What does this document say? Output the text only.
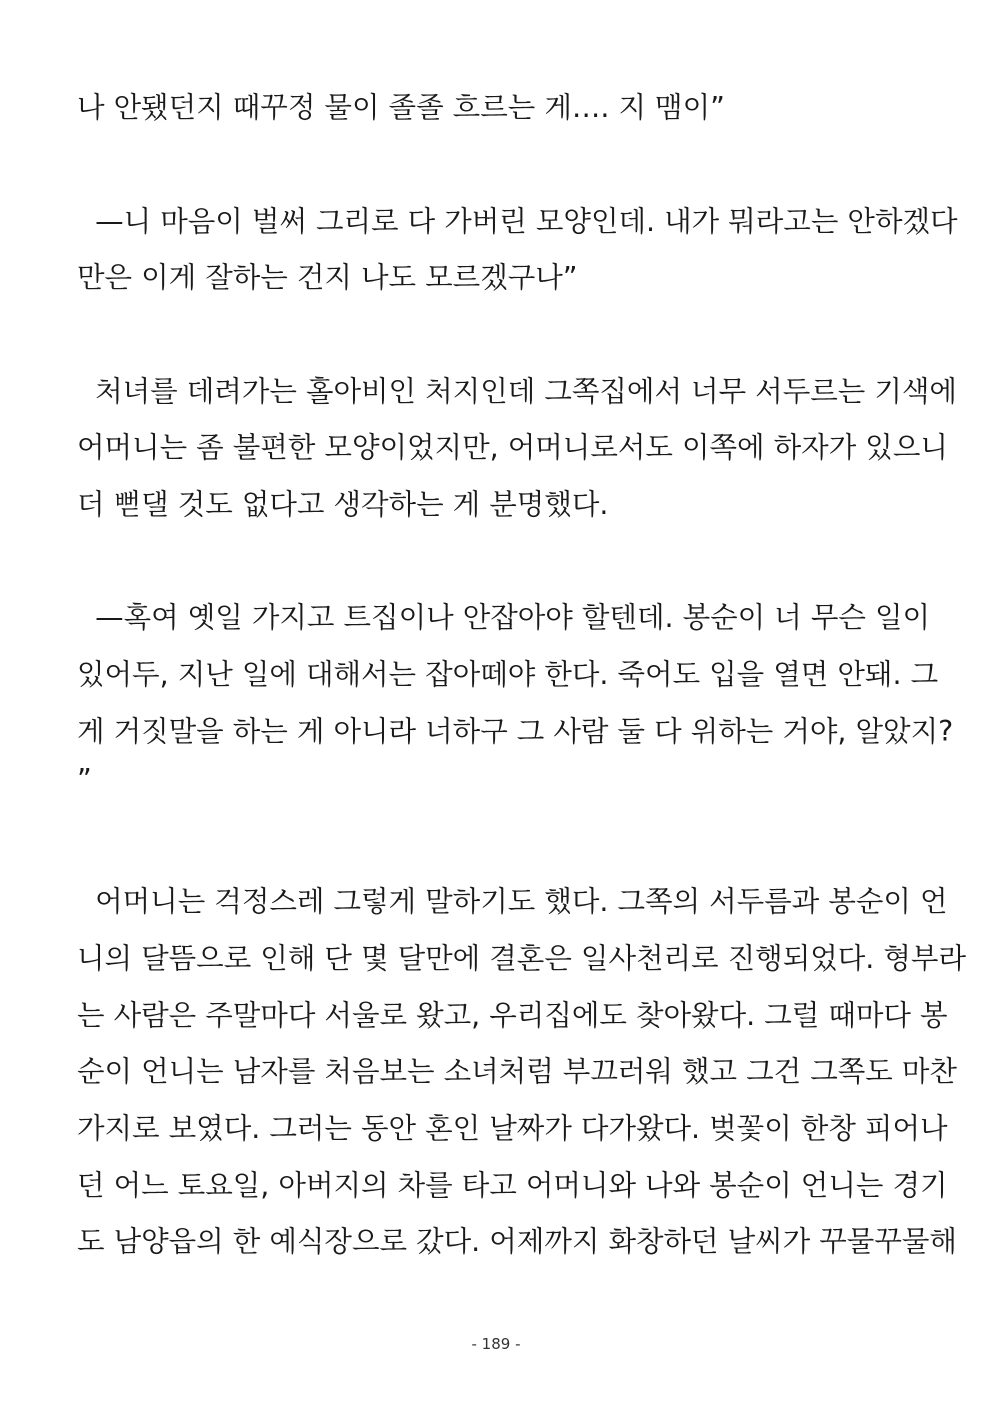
나 안됐던지 때꾸정 물이 졸졸 흐르는 게…. 지 맴이”
—니 마음이 벌써 그리로 다 가버린 모양인데. 내가 뭐라고는 안하겠다
만은 이게 잘하는 건지 나도 모르겠구나”
처녀를 데려가는 홀아비인 처지인데 그쪽집에서 너무 서두르는 기색에
어머니는 좀 불편한 모양이었지만, 어머니로서도 이쪽에 하자가 있으니
더 뻗댈 것도 없다고 생각하는 게 분명했다.
—혹여 옛일 가지고 트집이나 안잡아야 할텐데. 봉순이 너 무슨 일이
있어두, 지난 일에 대해서는 잡아떼야 한다. 죽어도 입을 열면 안돼. 그
게 거짓말을 하는 게 아니라 너하구 그 사람 둘 다 위하는 거야, 알았지?
”
어머니는 걱정스레 그렇게 말하기도 했다. 그쪽의 서두름과 봉순이 언
니의 달뜸으로 인해 단 몇 달만에 결혼은 일사천리로 진행되었다. 형부라
는 사람은 주말마다 서울로 왔고, 우리집에도 찾아왔다. 그럴 때마다 봉
순이 언니는 남자를 처음보는 소녀처럼 부끄러워 했고 그건 그쪽도 마찬
가지로 보였다. 그러는 동안 혼인 날짜가 다가왔다. 벚꽃이 한창 피어나
던 어느 토요일, 아버지의 차를 타고 어머니와 나와 봉순이 언니는 경기
도 남양읍의 한 예식장으로 갔다. 어제까지 화창하던 날씨가 꾸물꾸물해
- 189 -
